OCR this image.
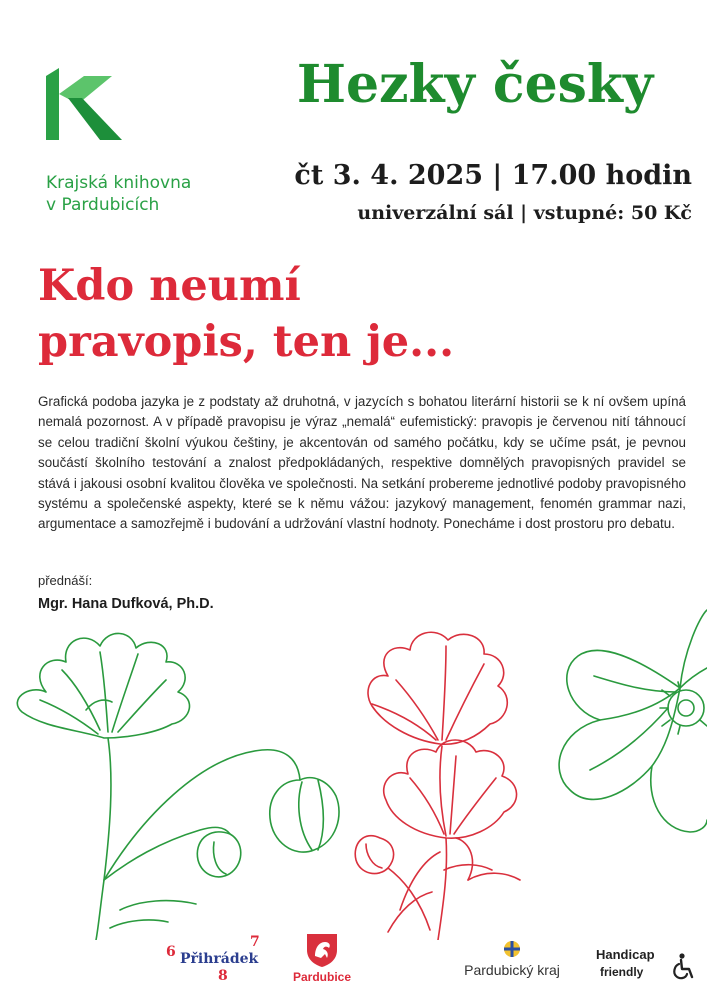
Krajská knihovna
v Pardubicích
Hezky česky
čt 3. 4. 2025 | 17.00 hodin
univerzální sál | vstupné: 50 Kč
Kdo neumí
pravopis, ten je...
Grafická podoba jazyka je z podstaty až druhotná, v jazycích s bohatou literární historii se k ní ovšem upíná nemalá pozornost. A v případě pravopisu je výraz „nemalá“ eufemistický: pravopis je červenou nití táhnoucí se celou tradiční školní výukou češtiny, je akcentován od samého počátku, kdy se učíme psát, je pevnou součástí školního testování a znalost předpokládaných, respektive domnělých pravopisných pravidel se stává i jakousi osobní kvalitou člověka ve společnosti. Na setkání probereme jednotlivé podoby pravopisného systému a společenské aspekty, které se k němu vážou: jazykový management, fenomén grammar nazi, argumentace a samozřejmě i budování a udržování vlastní hodnoty. Ponecháme i dost prostoru pro debatu.
přednáší:
Mgr. Hana Dufková, Ph.D.
6
7
8
Přihrádek
Pardubice	Pardubický kraj
Handicap
friendly
